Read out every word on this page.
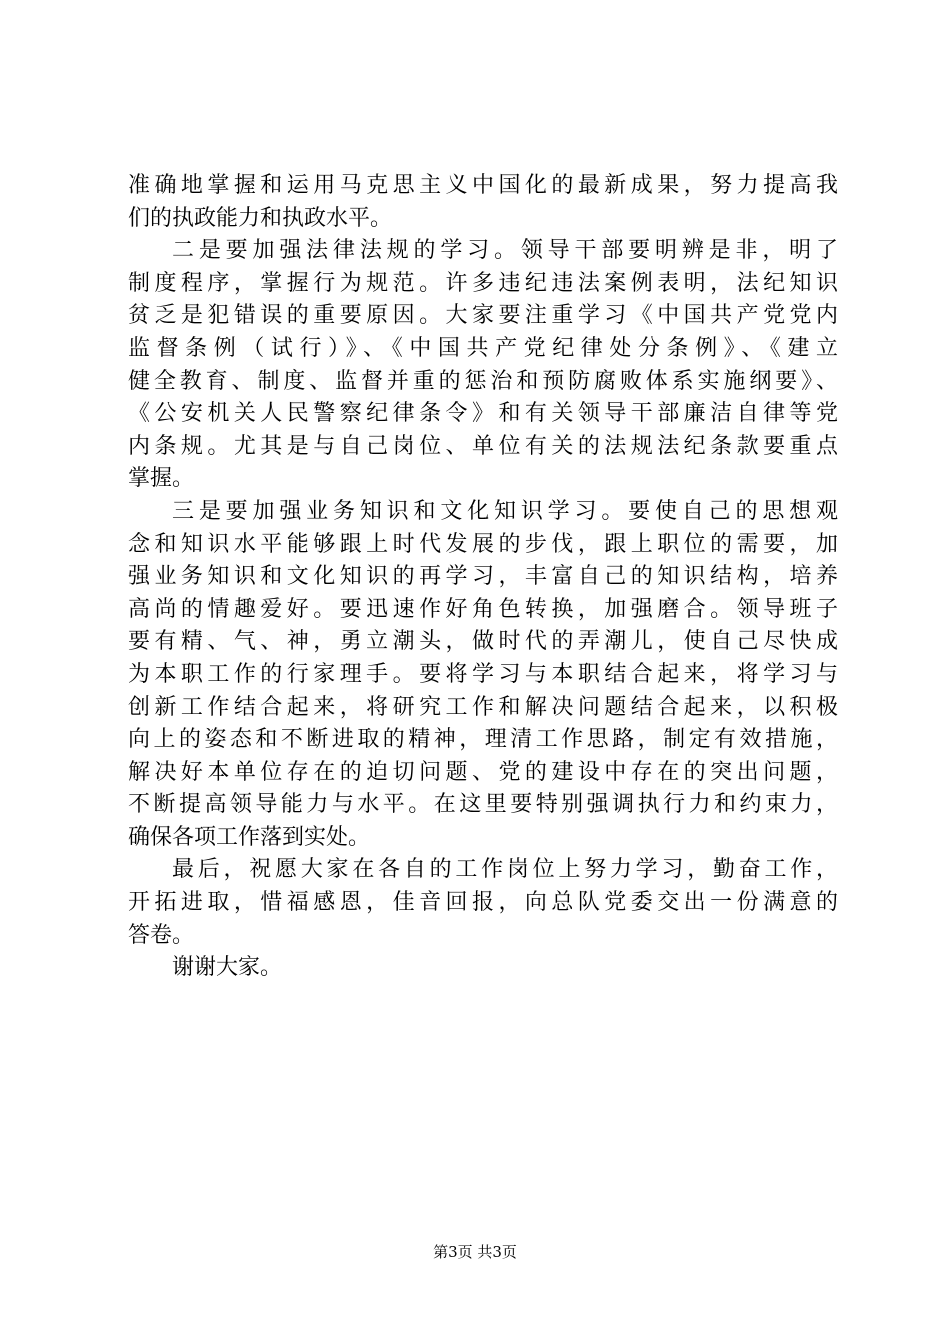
准确地掌握和运用马克思主义中国化的最新成果，努力提高我
们的执政能力和执政水平。
二是要加强法律法规的学习。领导干部要明辨是非，明了
制度程序，掌握行为规范。许多违纪违法案例表明，法纪知识
贫乏是犯错误的重要原因。大家要注重学习《中国共产党党内
监督条例（试行）》、《中国共产党纪律处分条例》、《建立
健全教育、制度、监督并重的惩治和预防腐败体系实施纲要》、
《公安机关人民警察纪律条令》和有关领导干部廉洁自律等党
内条规。尤其是与自己岗位、单位有关的法规法纪条款要重点
掌握。
三是要加强业务知识和文化知识学习。要使自己的思想观
念和知识水平能够跟上时代发展的步伐，跟上职位的需要，加
强业务知识和文化知识的再学习，丰富自己的知识结构，培养
高尚的情趣爱好。要迅速作好角色转换，加强磨合。领导班子
要有精、气、神，勇立潮头，做时代的弄潮儿，使自己尽快成
为本职工作的行家理手。要将学习与本职结合起来，将学习与
创新工作结合起来，将研究工作和解决问题结合起来，以积极
向上的姿态和不断进取的精神，理清工作思路，制定有效措施，
解决好本单位存在的迫切问题、党的建设中存在的突出问题，
不断提高领导能力与水平。在这里要特别强调执行力和约束力，
确保各项工作落到实处。
最后，祝愿大家在各自的工作岗位上努力学习，勤奋工作，
开拓进取，惜福感恩，佳音回报，向总队党委交出一份满意的
答卷。
谢谢大家。
第3页 共3页
